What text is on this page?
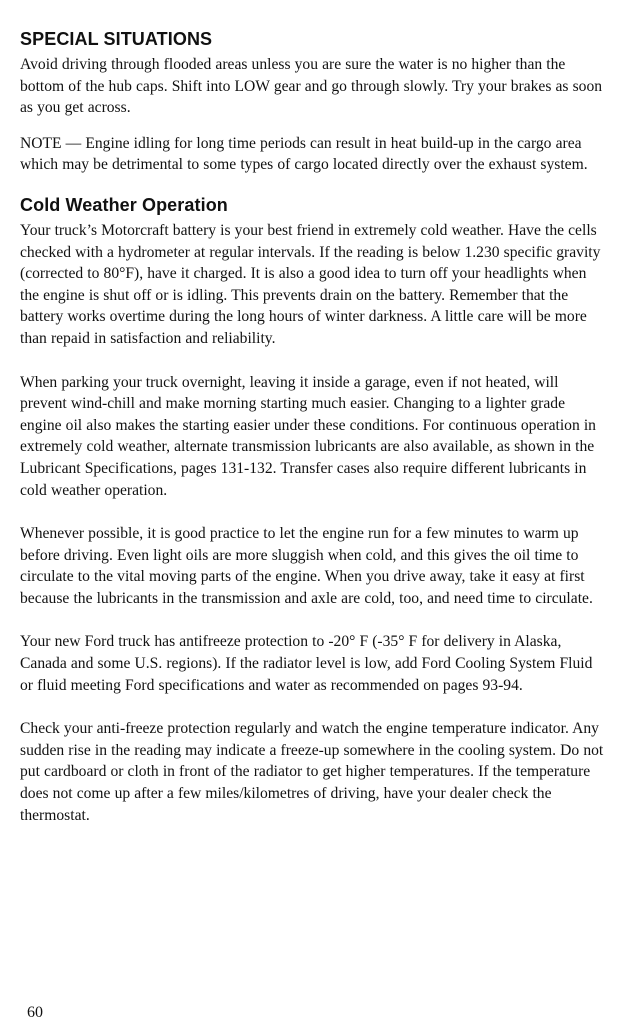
SPECIAL SITUATIONS

Avoid driving through flooded areas unless you are sure the water is no higher than the bottom of the hub caps. Shift into LOW gear and go through slowly. Try your brakes as soon as you get across.

NOTE — Engine idling for long time periods can result in heat build-up in the cargo area which may be detrimental to some types of cargo located directly over the exhaust system.

Cold Weather Operation

Your truck’s Motorcraft battery is your best friend in extremely cold weather. Have the cells checked with a hydrometer at regular intervals. If the reading is below 1.230 specific gravity (corrected to 80°F), have it charged. It is also a good idea to turn off your headlights when the engine is shut off or is idling. This prevents drain on the battery. Remember that the battery works overtime during the long hours of winter darkness. A little care will be more than repaid in satisfaction and reliability.

When parking your truck overnight, leaving it inside a garage, even if not heated, will prevent wind-chill and make morning starting much easier. Changing to a lighter grade engine oil also makes the starting easier under these conditions. For continuous operation in extremely cold weather, alternate transmission lubricants are also available, as shown in the Lubricant Specifications, pages 131-132. Transfer cases also require different lubricants in cold weather operation.

Whenever possible, it is good practice to let the engine run for a few minutes to warm up before driving. Even light oils are more sluggish when cold, and this gives the oil time to circulate to the vital moving parts of the engine. When you drive away, take it easy at first because the lubricants in the transmission and axle are cold, too, and need time to circulate.

Your new Ford truck has antifreeze protection to -20° F (-35° F for delivery in Alaska, Canada and some U.S. regions). If the radiator level is low, add Ford Cooling System Fluid or fluid meeting Ford specifications and water as recommended on pages 93-94.

Check your anti-freeze protection regularly and watch the engine temperature indicator. Any sudden rise in the reading may indicate a freeze-up somewhere in the cooling system. Do not put cardboard or cloth in front of the radiator to get higher temperatures. If the temperature does not come up after a few miles/kilometres of driving, have your dealer check the thermostat.

60
